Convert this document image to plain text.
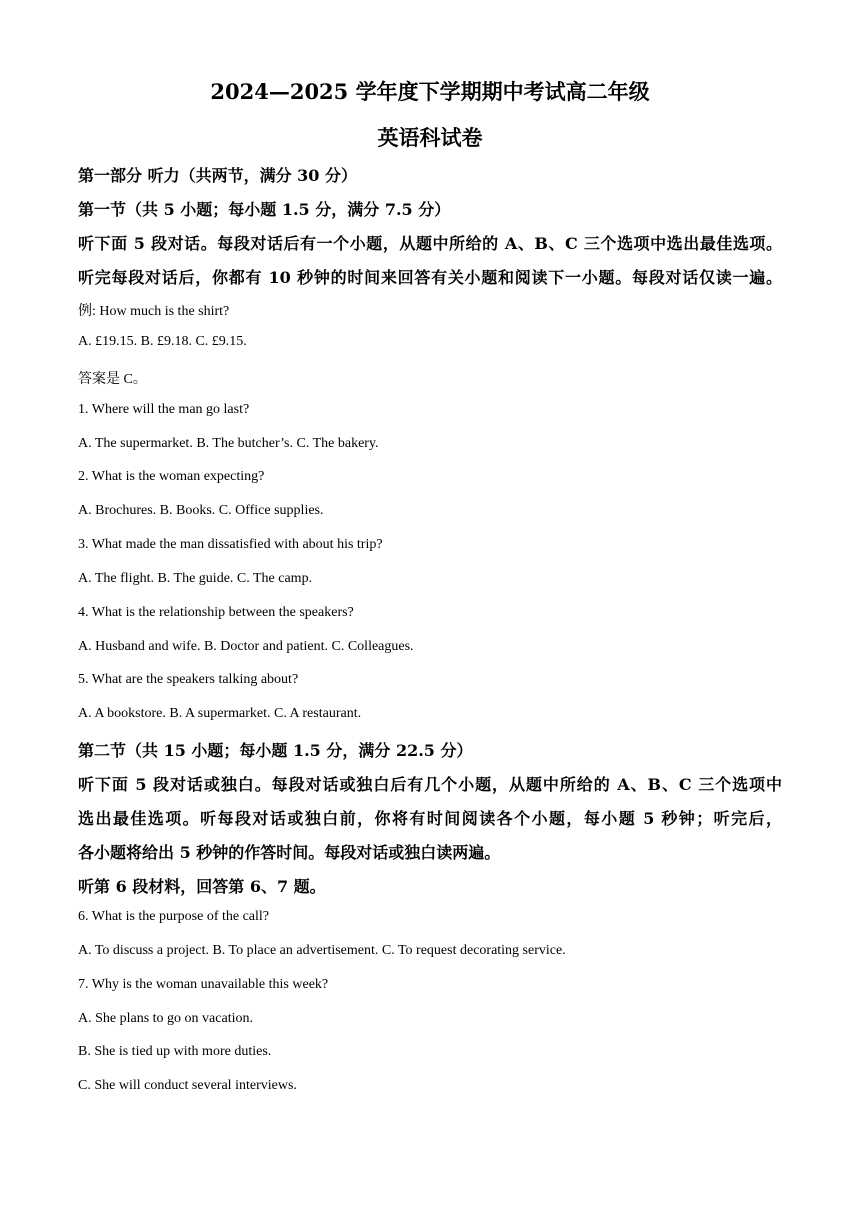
2024—2025 学年度下学期期中考试高二年级
英语科试卷
第一部分 听力（共两节，满分 30 分）
第一节（共 5 小题；每小题 1.5 分，满分 7.5 分）
听下面 5 段对话。每段对话后有一个小题，从题中所给的 A、B、C 三个选项中选出最佳选项。
听完每段对话后，你都有 10 秒钟的时间来回答有关小题和阅读下一小题。每段对话仅读一遍。
例: How much is the shirt?
A. £19.15. B. £9.18. C. £9.15.
答案是 C。
1. Where will the man go last?
A. The supermarket. B. The butcher’s. C. The bakery.
2. What is the woman expecting?
A. Brochures. B. Books. C. Office supplies.
3. What made the man dissatisfied with about his trip?
A. The flight. B. The guide. C. The camp.
4. What is the relationship between the speakers?
A. Husband and wife. B. Doctor and patient. C. Colleagues.
5. What are the speakers talking about?
A. A bookstore. B. A supermarket. C. A restaurant.
第二节（共 15 小题；每小题 1.5 分，满分 22.5 分）
听下面 5 段对话或独白。每段对话或独白后有几个小题，从题中所给的 A、B、C 三个选项中
选出最佳选项。听每段对话或独白前，你将有时间阅读各个小题，每小题 5 秒钟；听完后，
各小题将给出 5 秒钟的作答时间。每段对话或独白读两遍。
听第 6 段材料，回答第 6、7 题。
6. What is the purpose of the call?
A. To discuss a project. B. To place an advertisement. C. To request decorating service.
7. Why is the woman unavailable this week?
A. She plans to go on vacation.
B. She is tied up with more duties.
C. She will conduct several interviews.
